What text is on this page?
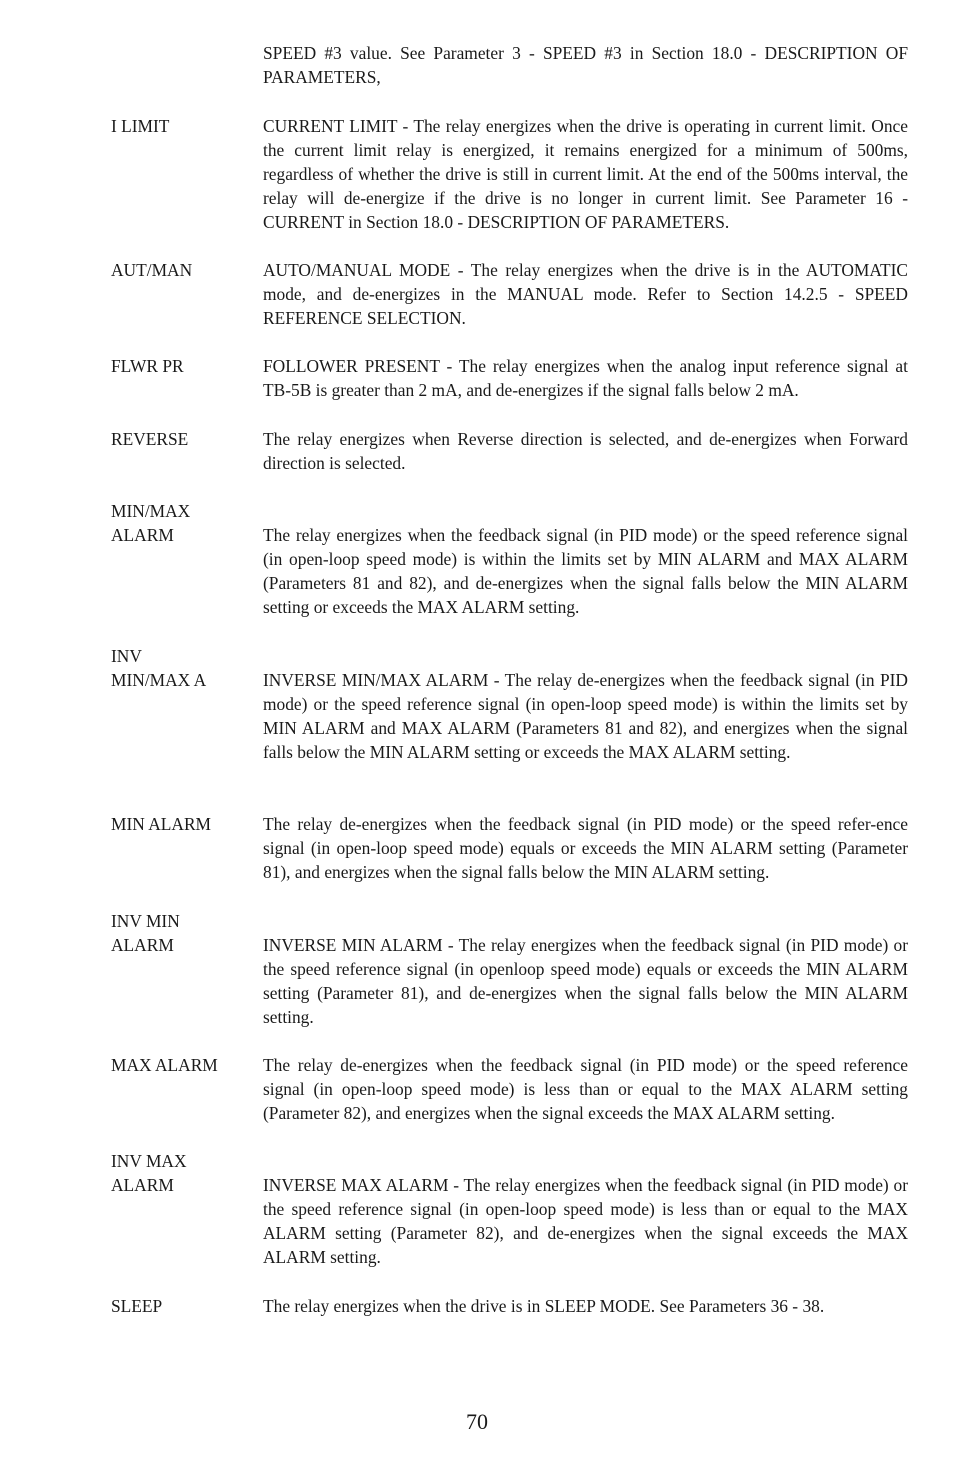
SPEED #3 value. See Parameter 3 - SPEED #3 in Section 18.0 - DESCRIPTION OF PARAMETERS,
I LIMIT	CURRENT LIMIT - The relay energizes when the drive is operating in current limit. Once the current limit relay is energized, it remains energized for a minimum of 500ms, regardless of whether the drive is still in current limit. At the end of the 500ms interval, the relay will de-energize if the drive is no longer in current limit. See Parameter 16 - CURRENT in Section 18.0 - DESCRIPTION OF PARAMETERS.
AUT/MAN	AUTO/MANUAL MODE - The relay energizes when the drive is in the AUTOMATIC mode, and de-energizes in the MANUAL mode. Refer to Section 14.2.5 - SPEED REFERENCE SELECTION.
FLWR PR	FOLLOWER PRESENT - The relay energizes when the analog input reference signal at TB-5B is greater than 2 mA, and de-energizes if the signal falls below 2 mA.
REVERSE	The relay energizes when Reverse direction is selected, and de-energizes when Forward direction is selected.
MIN/MAX
ALARM	The relay energizes when the feedback signal (in PID mode) or the speed reference signal (in open-loop speed mode) is within the limits set by MIN ALARM and MAX ALARM (Parameters 81 and 82), and de-energizes when the signal falls below the MIN ALARM setting or exceeds the MAX ALARM setting.
INV
MIN/MAX A	INVERSE MIN/MAX ALARM - The relay de-energizes when the feedback signal (in PID mode) or the speed reference signal (in open-loop speed mode) is within the limits set by MIN ALARM and MAX ALARM (Parameters 81 and 82), and energizes when the signal falls below the MIN ALARM setting or exceeds the MAX ALARM setting.
MIN ALARM	The relay de-energizes when the feedback signal (in PID mode) or the speed refer-ence signal (in open-loop speed mode) equals or exceeds the MIN ALARM setting (Parameter 81), and energizes when the signal falls below the MIN ALARM setting.
INV MIN
ALARM	INVERSE MIN ALARM - The relay energizes when the feedback signal (in PID mode) or the speed reference signal (in openloop speed mode) equals or exceeds the MIN ALARM setting (Parameter 81), and de-energizes when the signal falls below the MIN ALARM setting.
MAX ALARM	The relay de-energizes when the feedback signal (in PID mode) or the speed reference signal (in open-loop speed mode) is less than or equal to the MAX ALARM setting (Parameter 82), and energizes when the signal exceeds the MAX ALARM setting.
INV MAX
ALARM	INVERSE MAX ALARM - The relay energizes when the feedback signal (in PID mode) or the speed reference signal (in open-loop speed mode) is less than or equal to the MAX ALARM setting (Parameter 82), and de-energizes when the signal exceeds the MAX ALARM setting.
SLEEP	The relay energizes when the drive is in SLEEP MODE. See Parameters 36 - 38.
70
